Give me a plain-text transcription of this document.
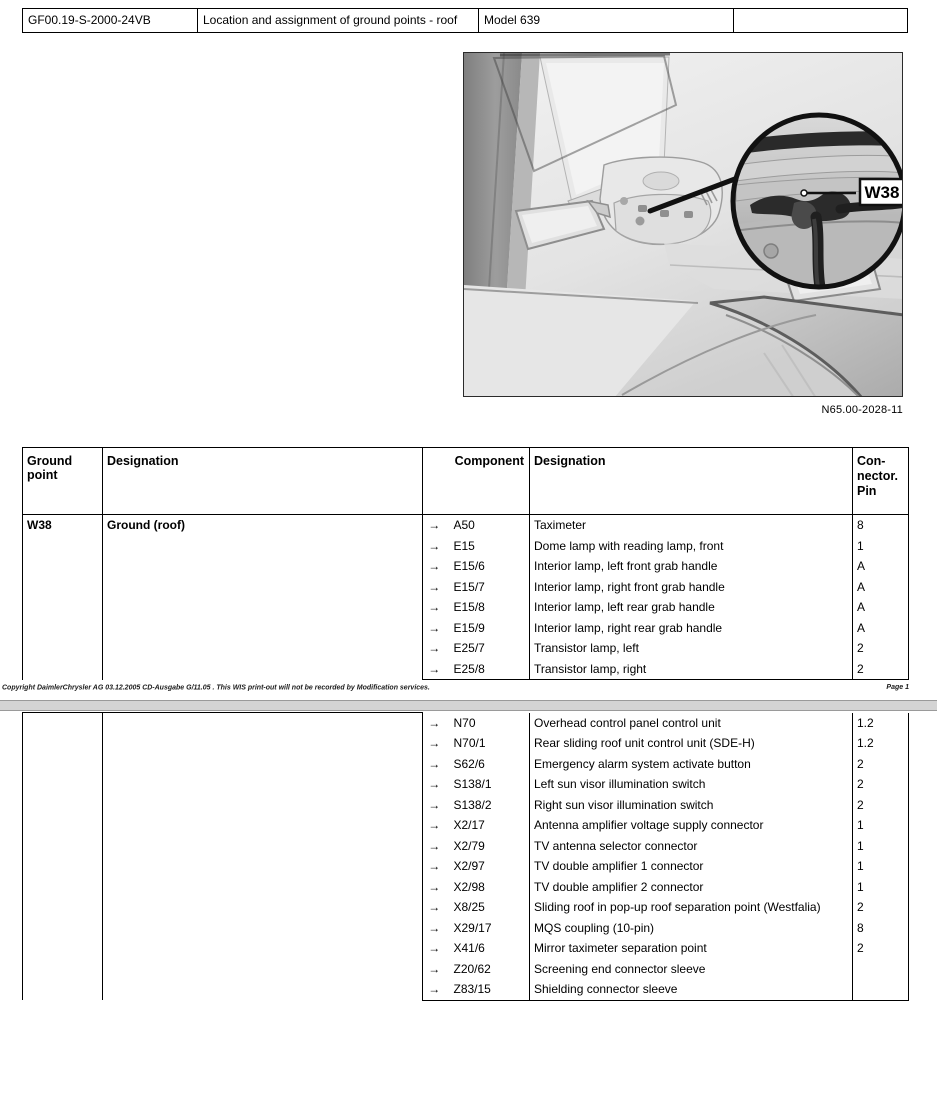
GF00.19-S-2000-24VB	Location and assignment of ground points - roof	Model 639
W38
N65.00-2028-11
Ground point	Designation		Component	Designation	Con-
nector.
Pin

W38	Ground (roof)	→	A50	Taximeter	8
		→	E15	Dome lamp with reading lamp, front	1
		→	E15/6	Interior lamp, left front grab handle	A
		→	E15/7	Interior lamp, right front grab handle	A
		→	E15/8	Interior lamp, left rear grab handle	A
		→	E15/9	Interior lamp, right rear grab handle	A
		→	E25/7	Transistor lamp, left	2
		→	E25/8	Transistor lamp, right	2
Copyright DaimlerChrysler AG 03.12.2005 CD-Ausgabe G/11.05 . This WIS print-out will not be recorded by Modification services.	Page 1
		→	N70	Overhead control panel control unit	1.2
		→	N70/1	Rear sliding roof unit control unit (SDE-H)	1.2
		→	S62/6	Emergency alarm system activate button	2
		→	S138/1	Left sun visor illumination switch	2
		→	S138/2	Right sun visor illumination switch	2
		→	X2/17	Antenna amplifier voltage supply connector	1
		→	X2/79	TV antenna selector connector	1
		→	X2/97	TV double amplifier 1 connector	1
		→	X2/98	TV double amplifier 2 connector	1
		→	X8/25	Sliding roof in pop-up roof separation point (Westfalia)	2
		→	X29/17	MQS coupling (10-pin)	8
		→	X41/6	Mirror taximeter separation point	2
		→	Z20/62	Screening end connector sleeve	
		→	Z83/15	Shielding connector sleeve	
